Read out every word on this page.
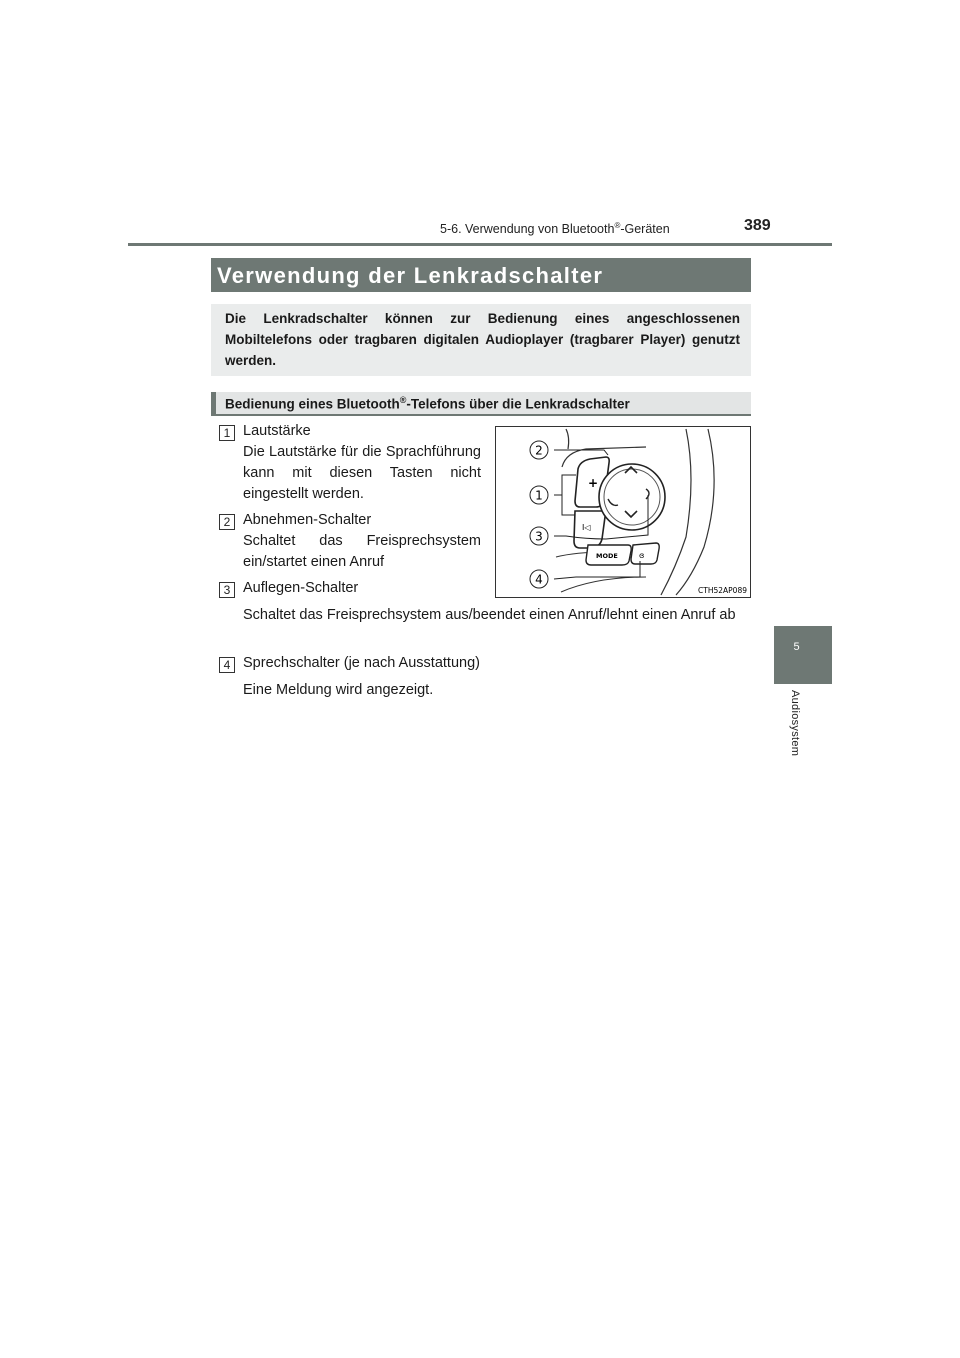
5-6. Verwendung von Bluetooth®-Geräten	389
5
Audiosystem
Verwendung der Lenkradschalter
Die Lenkradschalter können zur Bedienung eines angeschlossenen Mobiltelefons oder tragbaren digitalen Audioplayer (tragbarer Player) genutzt werden.
Bedienung eines Bluetooth®-Telefons über die Lenkradschalter
1 Lautstärke
Die Lautstärke für die Sprachführung kann mit diesen Tasten nicht eingestellt werden.
2 Abnehmen-Schalter
Schaltet das Freisprechsystem ein/startet einen Anruf
3 Auflegen-Schalter
Schaltet das Freisprechsystem aus/beendet einen Anruf/lehnt einen Anruf ab
4 Sprechschalter (je nach Ausstattung)
Eine Meldung wird angezeigt.
+
I◁
MODE	ɞ
2
1
3
4
CTH52AP089
